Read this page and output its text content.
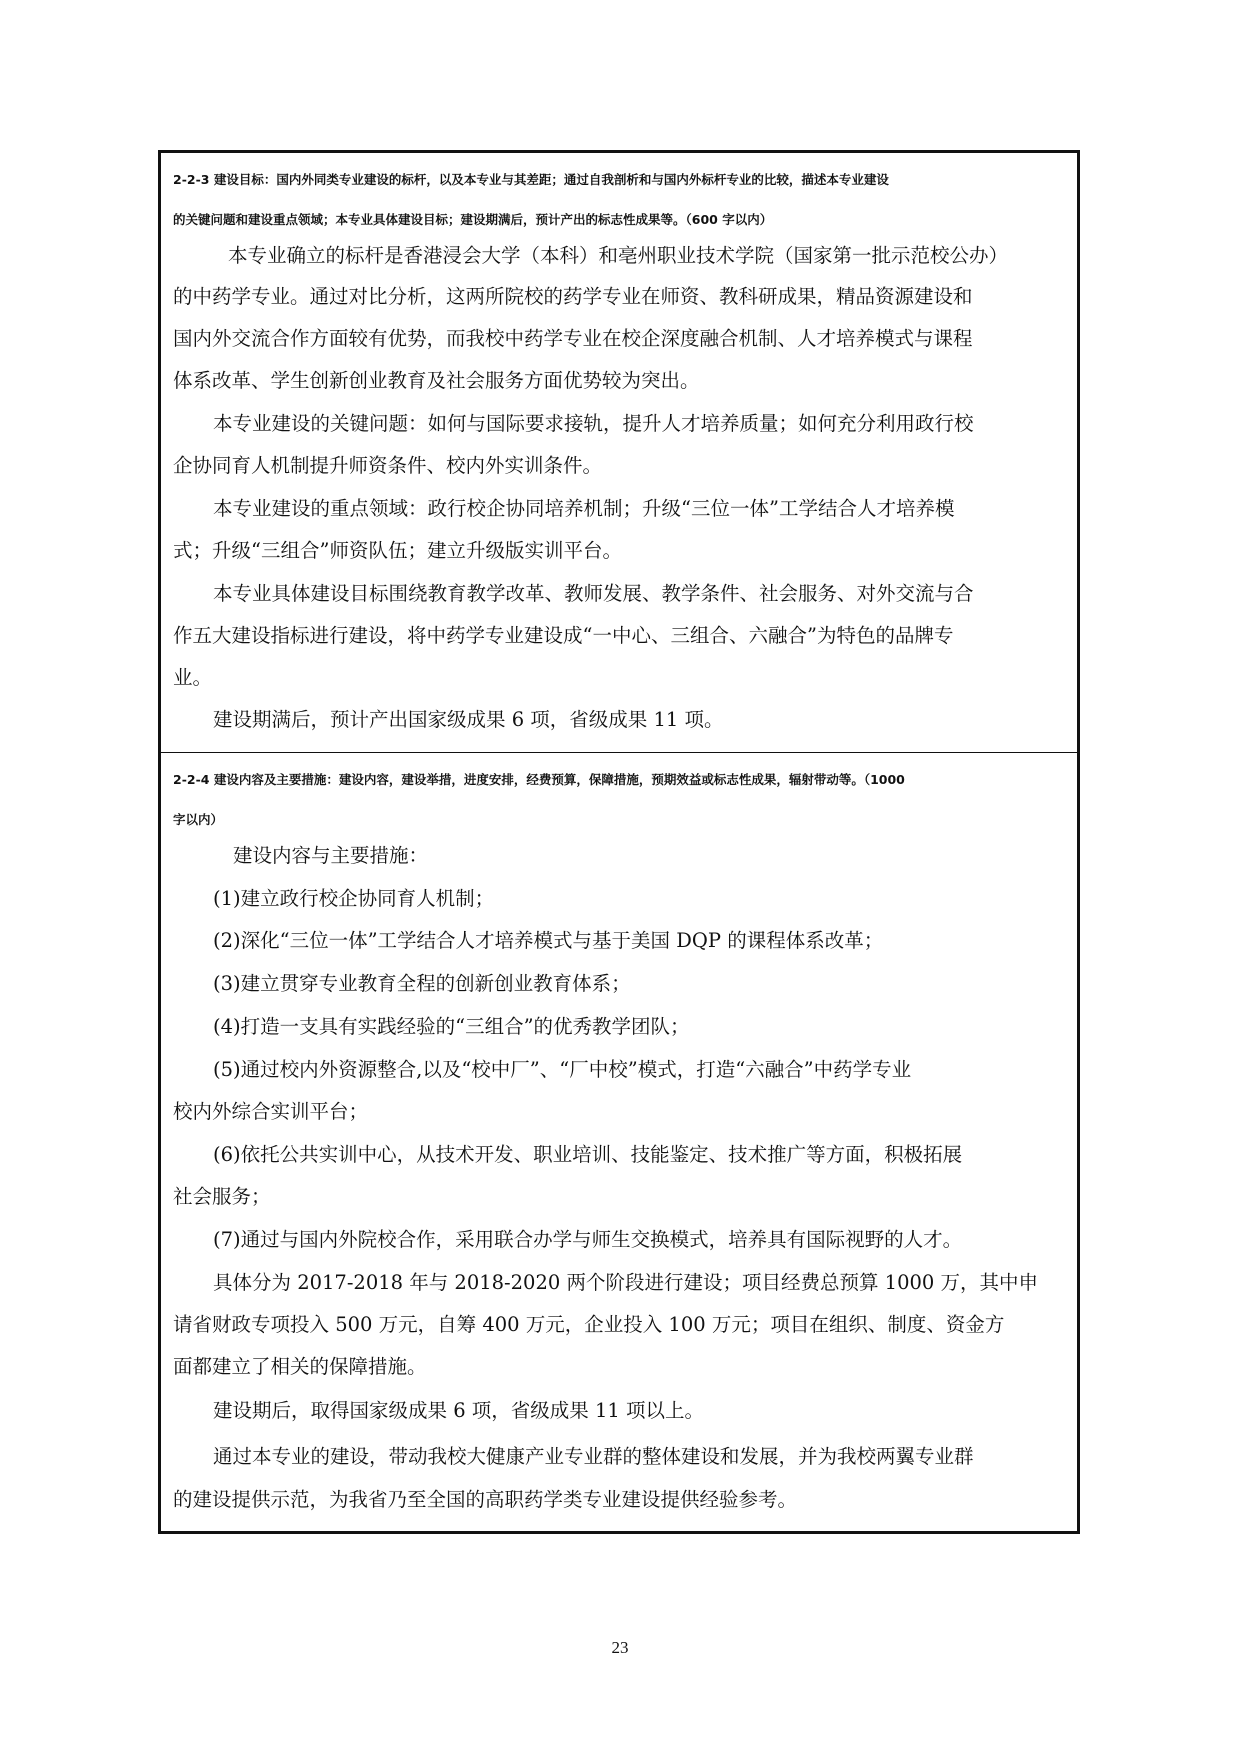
2-2-3 建设目标：国内外同类专业建设的标杆，以及本专业与其差距；通过自我剖析和与国内外标杆专业的比较，描述本专业建设
的关键问题和建设重点领域；本专业具体建设目标；建设期满后，预计产出的标志性成果等。（600 字以内）
本专业确立的标杆是香港浸会大学（本科）和亳州职业技术学院（国家第一批示范校公办）
的中药学专业。通过对比分析，这两所院校的药学专业在师资、教科研成果，精品资源建设和
国内外交流合作方面较有优势，而我校中药学专业在校企深度融合机制、人才培养模式与课程
体系改革、学生创新创业教育及社会服务方面优势较为突出。
本专业建设的关键问题：如何与国际要求接轨，提升人才培养质量；如何充分利用政行校
企协同育人机制提升师资条件、校内外实训条件。
本专业建设的重点领域：政行校企协同培养机制；升级“三位一体”工学结合人才培养模
式；升级“三组合”师资队伍；建立升级版实训平台。
本专业具体建设目标围绕教育教学改革、教师发展、教学条件、社会服务、对外交流与合
作五大建设指标进行建设，将中药学专业建设成“一中心、三组合、六融合”为特色的品牌专
业。
建设期满后，预计产出国家级成果 6 项，省级成果 11 项。
2-2-4 建设内容及主要措施：建设内容，建设举措，进度安排，经费预算，保障措施，预期效益或标志性成果，辐射带动等。（1000
字以内）
建设内容与主要措施：
(1)建立政行校企协同育人机制；
(2)深化“三位一体”工学结合人才培养模式与基于美国 DQP 的课程体系改革；
(3)建立贯穿专业教育全程的创新创业教育体系；
(4)打造一支具有实践经验的“三组合”的优秀教学团队；
(5)通过校内外资源整合,以及“校中厂”、“厂中校”模式，打造“六融合”中药学专业
校内外综合实训平台；
(6)依托公共实训中心，从技术开发、职业培训、技能鉴定、技术推广等方面，积极拓展
社会服务；
(7)通过与国内外院校合作，采用联合办学与师生交换模式，培养具有国际视野的人才。
具体分为 2017-2018 年与 2018-2020 两个阶段进行建设；项目经费总预算 1000 万，其中申
请省财政专项投入 500 万元，自筹 400 万元，企业投入 100 万元；项目在组织、制度、资金方
面都建立了相关的保障措施。
建设期后，取得国家级成果 6 项，省级成果 11 项以上。
通过本专业的建设，带动我校大健康产业专业群的整体建设和发展，并为我校两翼专业群
的建设提供示范，为我省乃至全国的高职药学类专业建设提供经验参考。
23
